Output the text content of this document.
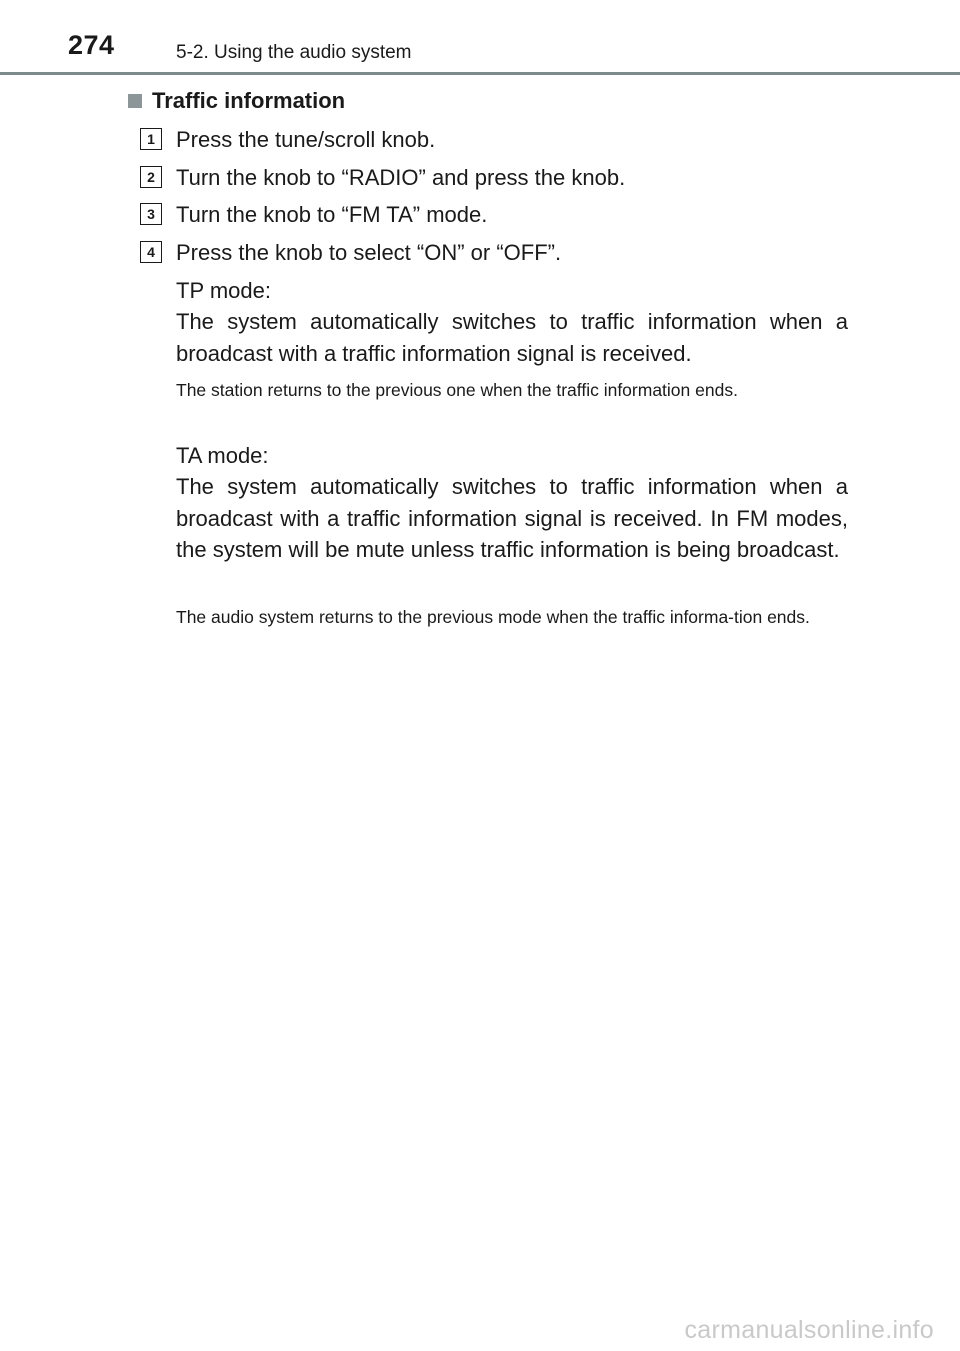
274	5-2. Using the audio system
Traffic information
1 Press the tune/scroll knob.
2 Turn the knob to “RADIO” and press the knob.
3 Turn the knob to “FM TA” mode.
4 Press the knob to select “ON” or “OFF”.
TP mode:
The system automatically switches to traffic information when a broadcast with a traffic information signal is received.
The station returns to the previous one when the traffic information ends.
TA mode:
The system automatically switches to traffic information when a broadcast with a traffic information signal is received. In FM modes, the system will be mute unless traffic information is being broadcast.
The audio system returns to the previous mode when the traffic informa-tion ends.
carmanualsonline.info
